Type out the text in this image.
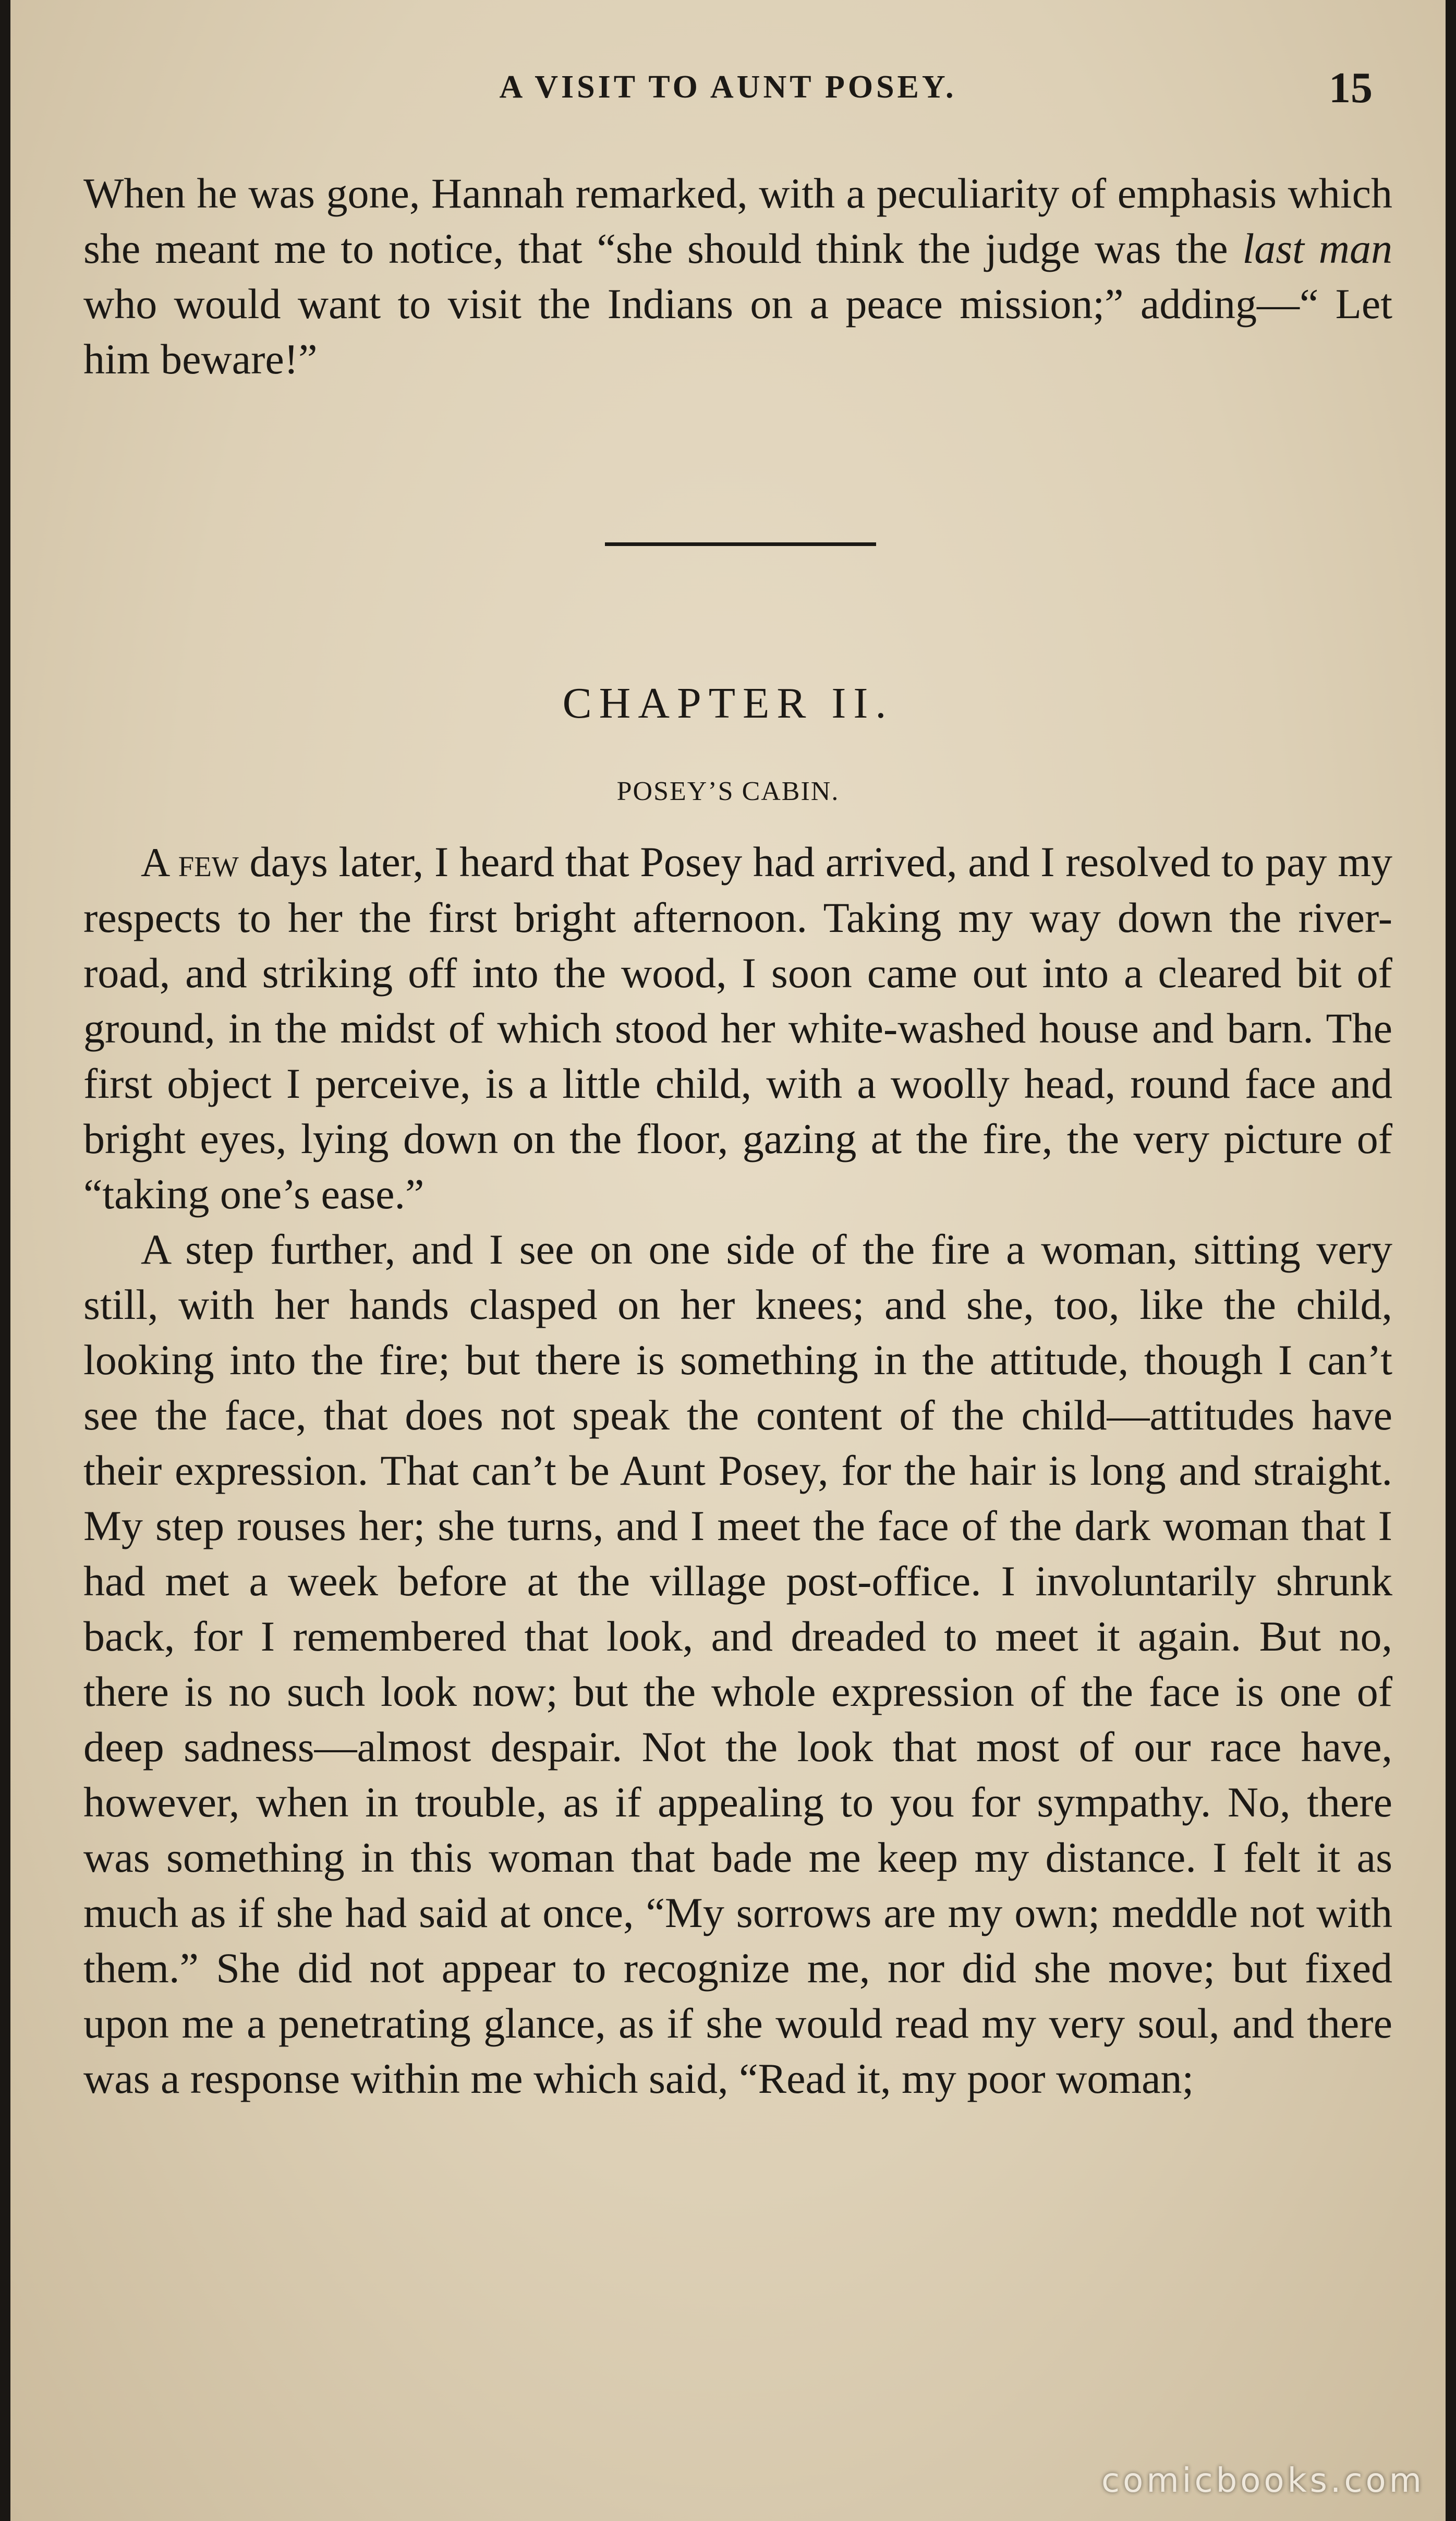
A VISIT TO AUNT POSEY.	15

When he was gone, Hannah remarked, with a peculiarity of emphasis which she meant me to notice, that “she should think the judge was the last man who would want to visit the Indians on a peace mission;” adding—“ Let him beware!”

CHAPTER II.
POSEY’S CABIN.

A few days later, I heard that Posey had arrived, and I resolved to pay my respects to her the first bright afternoon. Taking my way down the river-road, and striking off into the wood, I soon came out into a cleared bit of ground, in the midst of which stood her white-washed house and barn. The first object I perceive, is a little child, with a woolly head, round face and bright eyes, lying down on the floor, gazing at the fire, the very picture of “taking one’s ease.”

A step further, and I see on one side of the fire a woman, sitting very still, with her hands clasped on her knees; and she, too, like the child, looking into the fire; but there is something in the attitude, though I can’t see the face, that does not speak the content of the child—attitudes have their expression. That can’t be Aunt Posey, for the hair is long and straight. My step rouses her; she turns, and I meet the face of the dark woman that I had met a week before at the village post-office. I involuntarily shrunk back, for I remembered that look, and dreaded to meet it again. But no, there is no such look now; but the whole expression of the face is one of deep sadness—almost despair. Not the look that most of our race have, however, when in trouble, as if appealing to you for sympathy. No, there was something in this woman that bade me keep my distance. I felt it as much as if she had said at once, “My sorrows are my own; meddle not with them.” She did not appear to recognize me, nor did she move; but fixed upon me a penetrating glance, as if she would read my very soul, and there was a response within me which said, “Read it, my poor woman;

comicbooks.com
